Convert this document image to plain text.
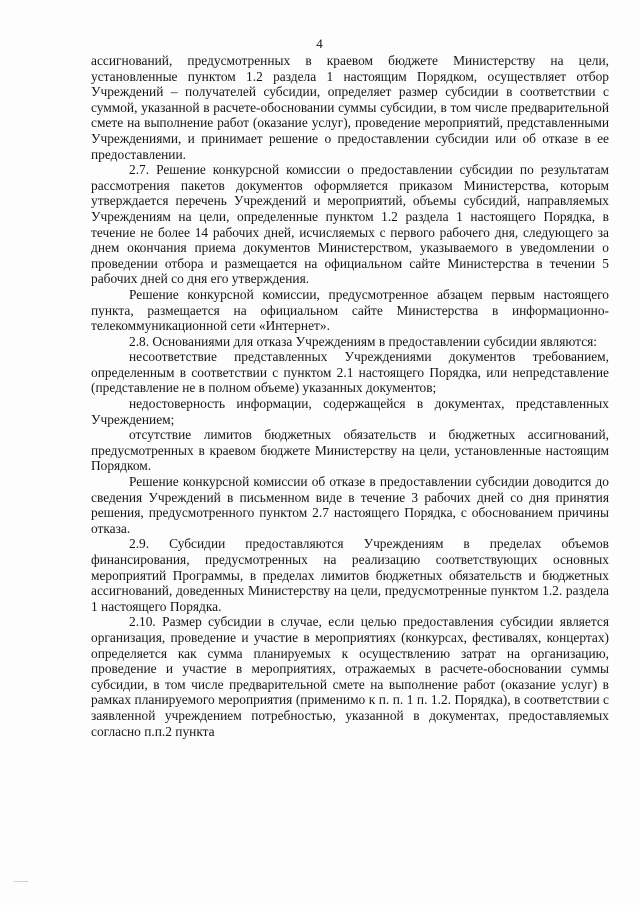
4

ассигнований, предусмотренных в краевом бюджете Министерству на цели, установленные пунктом 1.2 раздела 1 настоящим Порядком, осуществляет отбор Учреждений – получателей субсидии, определяет размер субсидии в соответствии с суммой, указанной в расчете-обосновании суммы субсидии, в том числе предварительной смете на выполнение работ (оказание услуг), проведение мероприятий, представленными Учреждениями, и принимает решение о предоставлении субсидии или об отказе в ее предоставлении.

2.7. Решение конкурсной комиссии о предоставлении субсидии по результатам рассмотрения пакетов документов оформляется приказом Министерства, которым утверждается перечень Учреждений и мероприятий, объемы субсидий, направляемых Учреждениям на цели, определенные пунктом 1.2 раздела 1 настоящего Порядка, в течение не более 14 рабочих дней, исчисляемых с первого рабочего дня, следующего за днем окончания приема документов Министерством, указываемого в уведомлении о проведении отбора и размещается на официальном сайте Министерства в течении 5 рабочих дней со дня его утверждения.

Решение конкурсной комиссии, предусмотренное абзацем первым настоящего пункта, размещается на официальном сайте Министерства в информационно-телекоммуникационной сети «Интернет».

2.8. Основаниями для отказа Учреждениям в предоставлении субсидии являются:

несоответствие представленных Учреждениями документов требованием, определенным в соответствии с пунктом 2.1 настоящего Порядка, или непредставление (представление не в полном объеме) указанных документов;

недостоверность информации, содержащейся в документах, представленных Учреждением;

отсутствие лимитов бюджетных обязательств и бюджетных ассигнований, предусмотренных в краевом бюджете Министерству на цели, установленные настоящим Порядком.

Решение конкурсной комиссии об отказе в предоставлении субсидии доводится до сведения Учреждений в письменном виде в течение 3 рабочих дней со дня принятия решения, предусмотренного пунктом 2.7 настоящего Порядка, с обоснованием причины отказа.

2.9. Субсидии предоставляются Учреждениям в пределах объемов финансирования, предусмотренных на реализацию соответствующих основных мероприятий Программы, в пределах лимитов бюджетных обязательств и бюджетных ассигнований, доведенных Министерству на цели, предусмотренные пунктом 1.2. раздела 1 настоящего Порядка.

2.10. Размер субсидии в случае, если целью предоставления субсидии является организация, проведение и участие в мероприятиях (конкурсах, фестивалях, концертах) определяется как сумма планируемых к осуществлению затрат на организацию, проведение и участие в мероприятиях, отражаемых в расчете-обосновании суммы субсидии, в том числе предварительной смете на выполнение работ (оказание услуг) в рамках планируемого мероприятия (применимо к п. п. 1 п. 1.2. Порядка), в соответствии с заявленной учреждением потребностью, указанной в документах, предоставляемых согласно п.п.2 пункта
